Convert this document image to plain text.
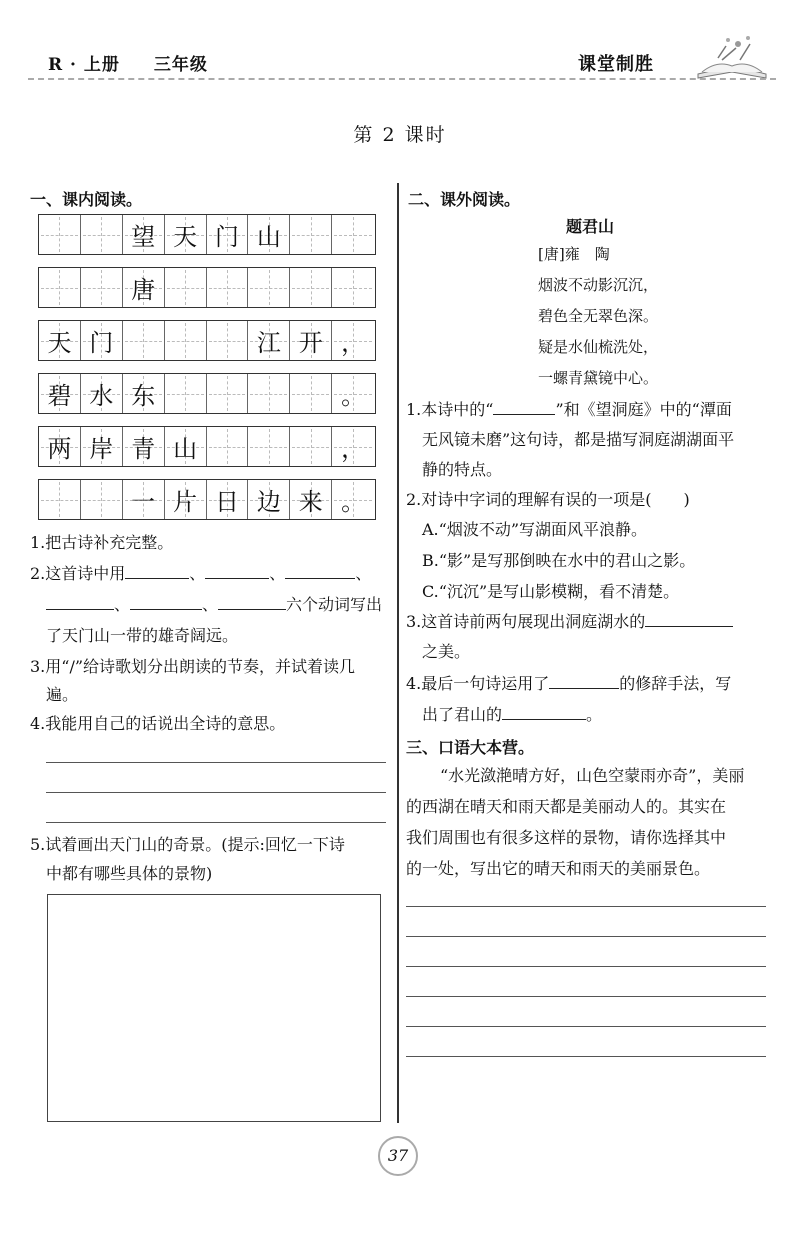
R · 上册 三年级	课堂制胜
第 2 课时
一、课内阅读。
望 天 门 山
唐
天 门	江 开 ，
碧 水 东	。
两 岸 青 山	，
一 片 日 边 来 。
1.把古诗补充完整。
2.这首诗中用	、	、	、
、	、	六个动词写出
了天门山一带的雄奇阔远。
3.用“/”给诗歌划分出朗读的节奏，并试着读几
遍。
4.我能用自己的话说出全诗的意思。
5.试着画出天门山的奇景。(提示:回忆一下诗
中都有哪些具体的景物)
二、课外阅读。
题君山
[唐]雍　陶
烟波不动影沉沉，
碧色全无翠色深。
疑是水仙梳洗处，
一螺青黛镜中心。
1.本诗中的“	”和《望洞庭》中的“潭面
无风镜未磨”这句诗，都是描写洞庭湖湖面平
静的特点。
2.对诗中字词的理解有误的一项是(　　)
A.“烟波不动”写湖面风平浪静。
B.“影”是写那倒映在水中的君山之影。
C.“沉沉”是写山影模糊，看不清楚。
3.这首诗前两句展现出洞庭湖水的
之美。
4.最后一句诗运用了	的修辞手法，写
出了君山的	。
三、口语大本营。
“水光潋滟晴方好，山色空蒙雨亦奇”，美丽
的西湖在晴天和雨天都是美丽动人的。其实在
我们周围也有很多这样的景物，请你选择其中
的一处，写出它的晴天和雨天的美丽景色。
37
